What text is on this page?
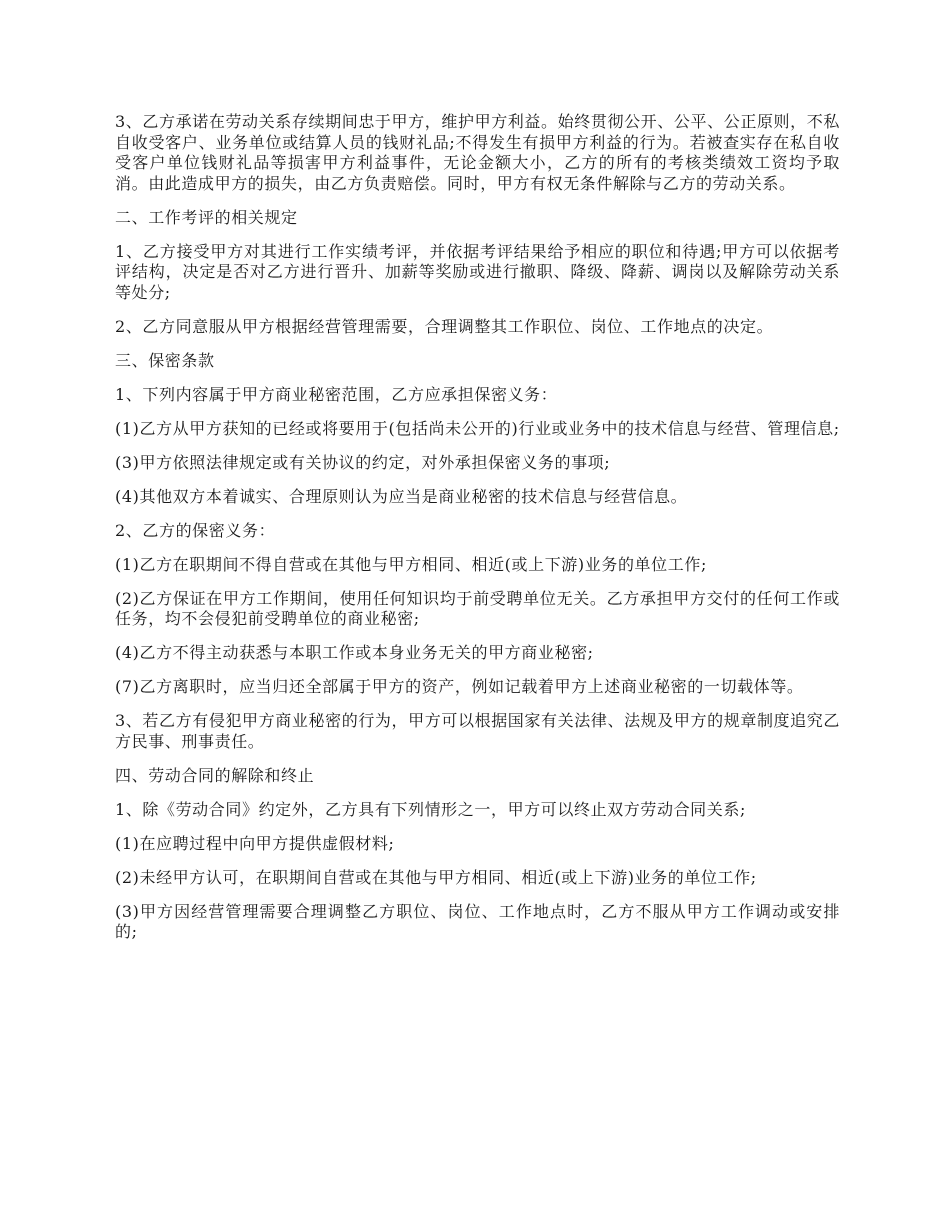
3、乙方承诺在劳动关系存续期间忠于甲方，维护甲方利益。始终贯彻公开、公平、公正原则，不私自收受客户、业务单位或结算人员的钱财礼品;不得发生有损甲方利益的行为。若被查实存在私自收受客户单位钱财礼品等损害甲方利益事件，无论金额大小，乙方的所有的考核类绩效工资均予取消。由此造成甲方的损失，由乙方负责赔偿。同时，甲方有权无条件解除与乙方的劳动关系。

二、工作考评的相关规定

1、乙方接受甲方对其进行工作实绩考评，并依据考评结果给予相应的职位和待遇;甲方可以依据考评结构，决定是否对乙方进行晋升、加薪等奖励或进行撤职、降级、降薪、调岗以及解除劳动关系等处分;

2、乙方同意服从甲方根据经营管理需要，合理调整其工作职位、岗位、工作地点的决定。

三、保密条款

1、下列内容属于甲方商业秘密范围，乙方应承担保密义务：

(1)乙方从甲方获知的已经或将要用于(包括尚未公开的)行业或业务中的技术信息与经营、管理信息;

(3)甲方依照法律规定或有关协议的约定，对外承担保密义务的事项;

(4)其他双方本着诚实、合理原则认为应当是商业秘密的技术信息与经营信息。

2、乙方的保密义务：

(1)乙方在职期间不得自营或在其他与甲方相同、相近(或上下游)业务的单位工作;

(2)乙方保证在甲方工作期间，使用任何知识均于前受聘单位无关。乙方承担甲方交付的任何工作或任务，均不会侵犯前受聘单位的商业秘密;

(4)乙方不得主动获悉与本职工作或本身业务无关的甲方商业秘密;

(7)乙方离职时，应当归还全部属于甲方的资产，例如记载着甲方上述商业秘密的一切载体等。

3、若乙方有侵犯甲方商业秘密的行为，甲方可以根据国家有关法律、法规及甲方的规章制度追究乙方民事、刑事责任。

四、劳动合同的解除和终止

1、除《劳动合同》约定外，乙方具有下列情形之一，甲方可以终止双方劳动合同关系;

(1)在应聘过程中向甲方提供虚假材料;

(2)未经甲方认可，在职期间自营或在其他与甲方相同、相近(或上下游)业务的单位工作;

(3)甲方因经营管理需要合理调整乙方职位、岗位、工作地点时，乙方不服从甲方工作调动或安排的;
